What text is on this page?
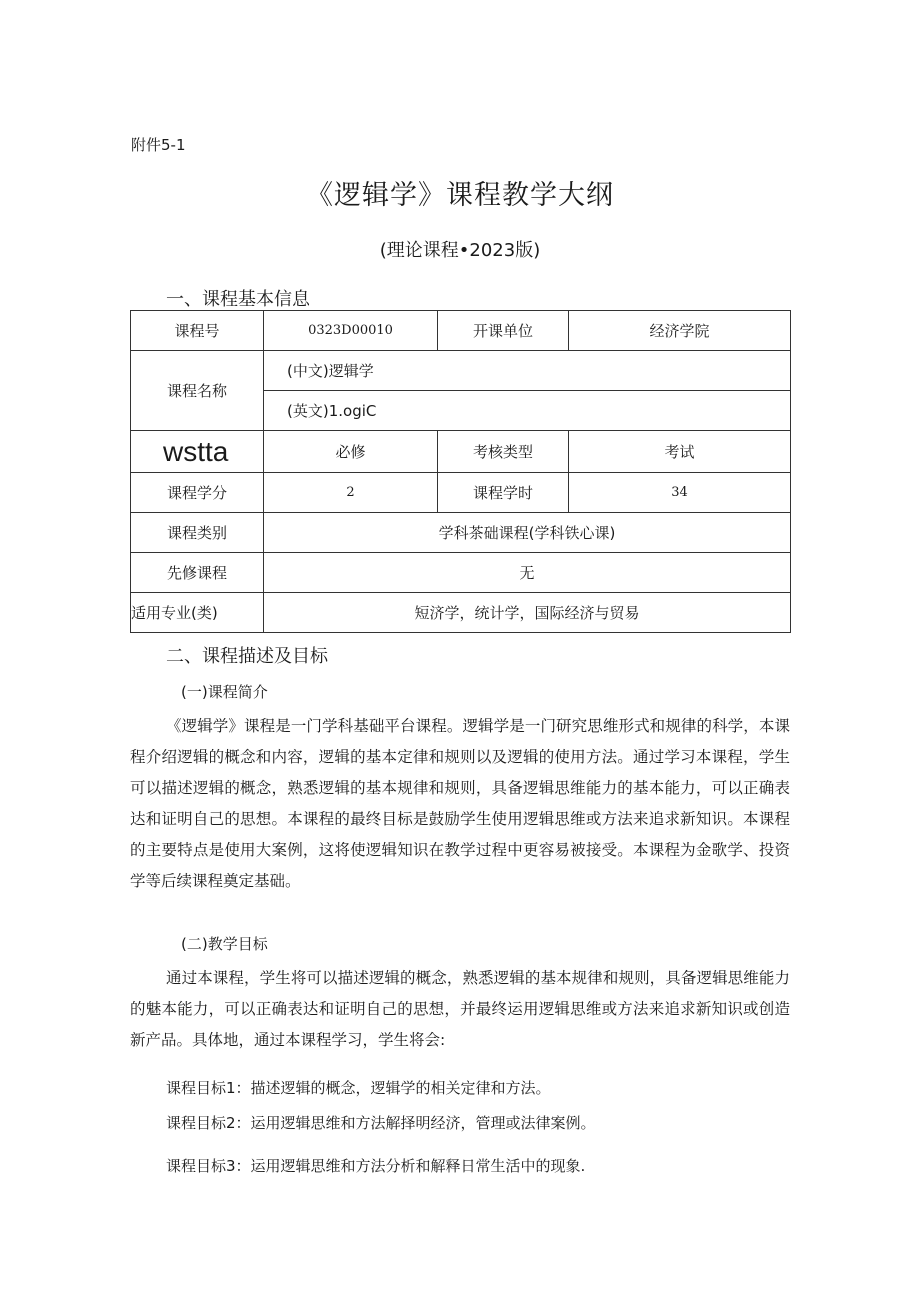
附件5-1
《逻辑学》课程教学大纲
(理论课程•2023版)
一、课程基本信息
课程号	0323D00010	开课单位	经济学院
课程名称	(中文)逻辑学		
	(英文)1.ogiC		
wstta	必修	考核类型	考试
课程学分	2	课程学时	34
课程类别	学科茶础课程(学科铁心课)		
先修课程	无		
适用专业(类)	短济学，统计学，国际经济与贸易		
二、课程描述及目标
(一)课程简介
《逻辑学》课程是一门学科基础平台课程。逻辑学是一门研究思维形式和规律的科学，本课程介绍逻辑的概念和内容，逻辑的基本定律和规则以及逻辑的使用方法。通过学习本课程，学生可以描述逻辑的概念，熟悉逻辑的基本规律和规则，具备逻辑思维能力的基本能力，可以正确表达和证明自己的思想。本课程的最终目标是鼓励学生使用逻辑思维或方法来追求新知识。本课程的主要特点是使用大案例，这将使逻辑知识在教学过程中更容易被接受。本课程为金歌学、投资学等后续课程奠定基础。
(二)教学目标
通过本课程，学生将可以描述逻辑的概念，熟悉逻辑的基本规律和规则，具备逻辑思维能力的魅本能力，可以正确表达和证明自己的思想，并最终运用逻辑思维或方法来追求新知识或创造新产品。具体地，通过本课程学习，学生将会:
课程目标1：描述逻辑的概念，逻辑学的相关定律和方法。
课程目标2：运用逻辑思维和方法解择明经济，管理或法律案例。
课程目标3：运用逻辑思维和方法分析和解释日常生活中的现象.
